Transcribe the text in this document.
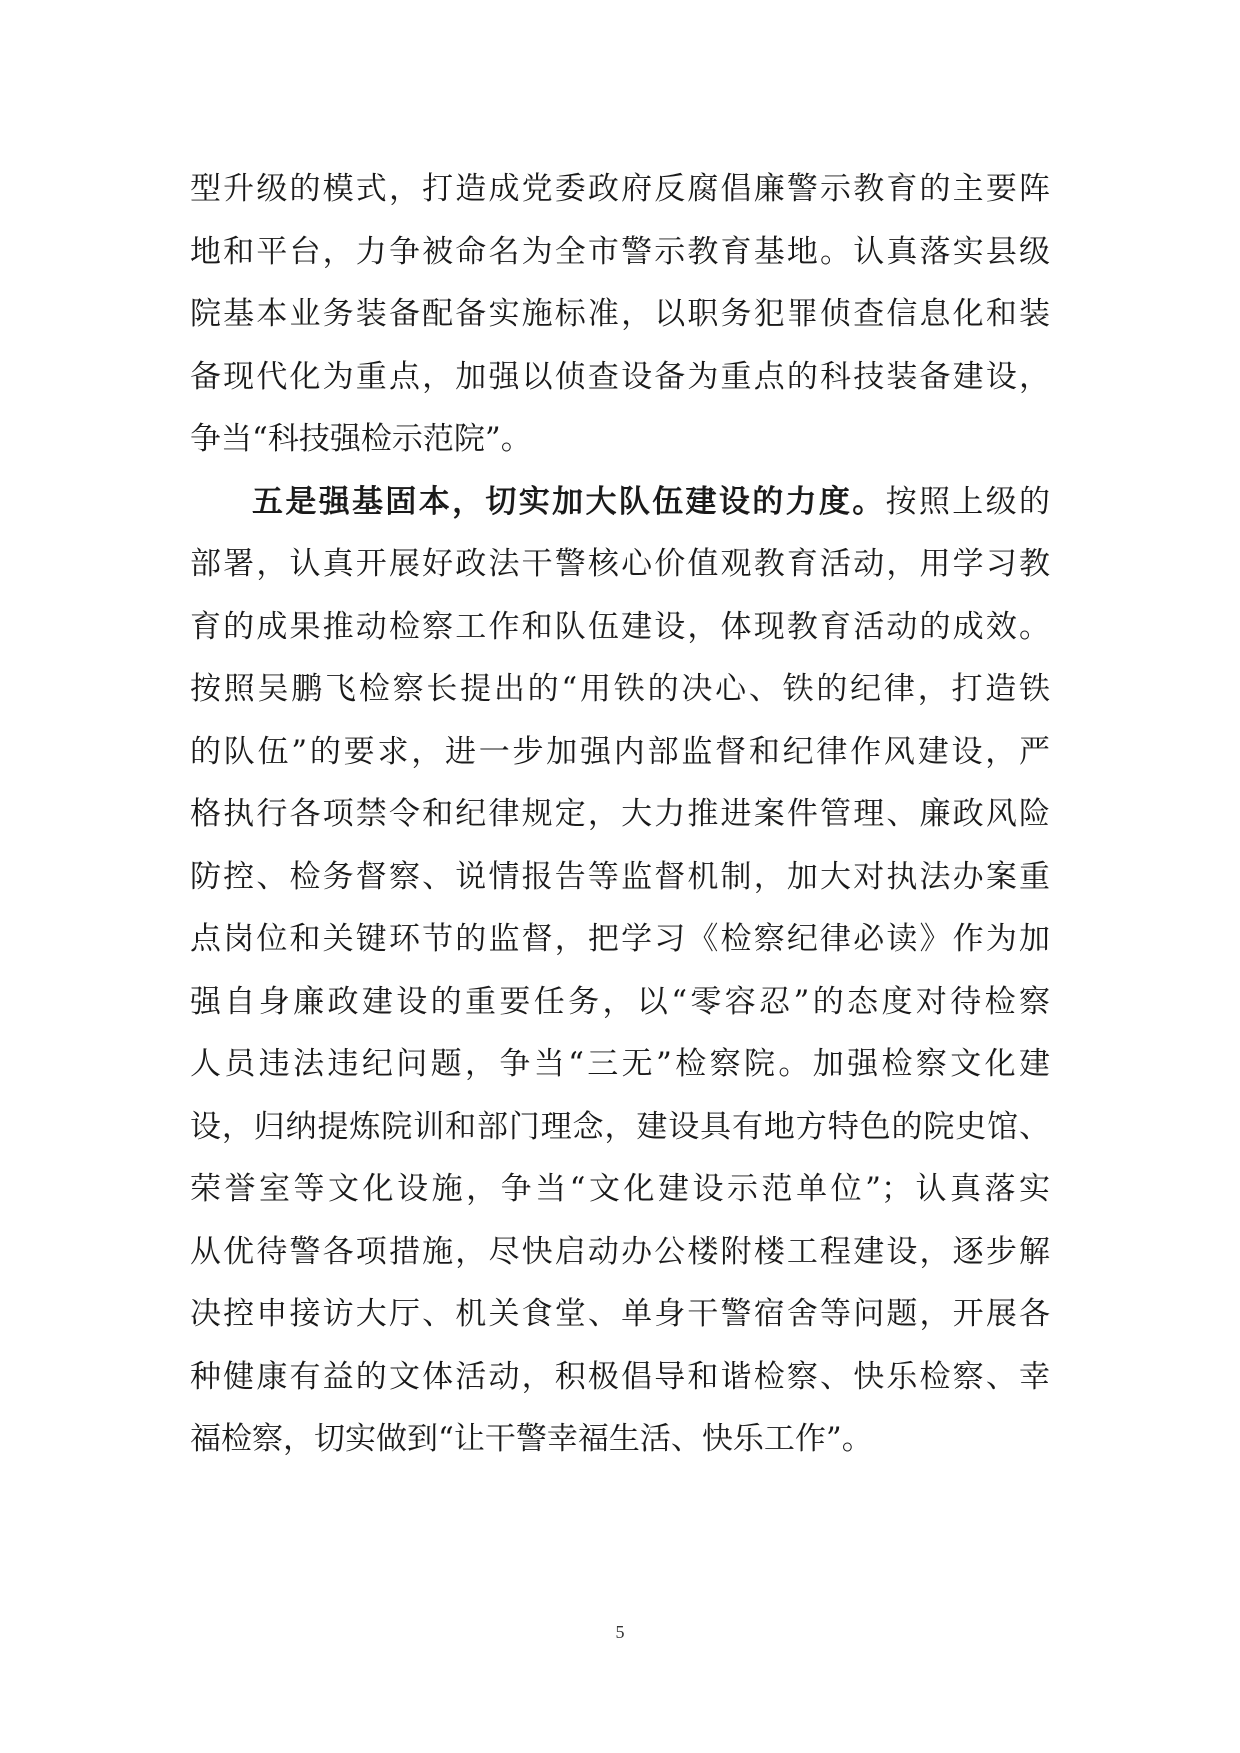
型升级的模式，打造成党委政府反腐倡廉警示教育的主要阵
地和平台，力争被命名为全市警示教育基地。认真落实县级
院基本业务装备配备实施标准，以职务犯罪侦查信息化和装
备现代化为重点，加强以侦查设备为重点的科技装备建设，
争当“科技强检示范院”。
五是强基固本，切实加大队伍建设的力度。按照上级的
部署，认真开展好政法干警核心价值观教育活动，用学习教
育的成果推动检察工作和队伍建设，体现教育活动的成效。
按照吴鹏飞检察长提出的“用铁的决心、铁的纪律，打造铁
的队伍”的要求，进一步加强内部监督和纪律作风建设，严
格执行各项禁令和纪律规定，大力推进案件管理、廉政风险
防控、检务督察、说情报告等监督机制，加大对执法办案重
点岗位和关键环节的监督，把学习《检察纪律必读》作为加
强自身廉政建设的重要任务，以“零容忍”的态度对待检察
人员违法违纪问题，争当“三无”检察院。加强检察文化建
设，归纳提炼院训和部门理念，建设具有地方特色的院史馆、
荣誉室等文化设施，争当“文化建设示范单位”；认真落实
从优待警各项措施，尽快启动办公楼附楼工程建设，逐步解
决控申接访大厅、机关食堂、单身干警宿舍等问题，开展各
种健康有益的文体活动，积极倡导和谐检察、快乐检察、幸
福检察，切实做到“让干警幸福生活、快乐工作”。
5
